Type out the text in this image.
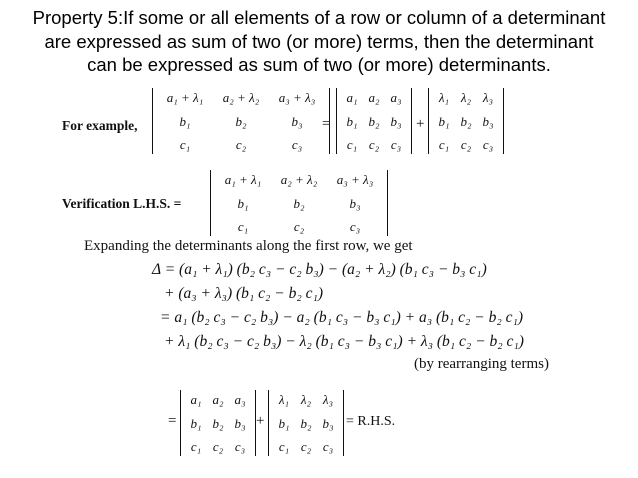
Property 5:If some or all elements of a row or column of a determinant
are expressed as sum of two (or more) terms, then the determinant
can be expressed as sum of two (or more) determinants.
For example,
a₁ + λ₁	a₂ + λ₂	a₃ + λ₃
b₁	b₂	b₃
c₁	c₂	c₃
=
a₁ a₂ a₃
b₁ b₂ b₃
c₁ c₂ c₃
+
λ₁ λ₂ λ₃
b₁ b₂ b₃
c₁ c₂ c₃
Verification L.H.S. =
a₁ + λ₁	a₂ + λ₂	a₃ + λ₃
b₁	b₂	b₃
c₁	c₂	c₃
Expanding the determinants along the first row, we get
Δ = (a₁ + λ₁) (b₂ c₃ − c₂ b₃) − (a₂ + λ₂) (b₁ c₃ − b₃ c₁)
+ (a₃ + λ₃) (b₁ c₂ − b₂ c₁)
= a₁ (b₂ c₃ − c₂ b₃) − a₂ (b₁ c₃ − b₃ c₁) + a₃ (b₁ c₂ − b₂ c₁)
+ λ₁ (b₂ c₃ − c₂ b₃) − λ₂ (b₁ c₃ − b₃ c₁) + λ₃ (b₁ c₂ − b₂ c₁)
(by rearranging terms)
=
a₁ a₂ a₃
b₁ b₂ b₃
c₁ c₂ c₃
+
λ₁ λ₂ λ₃
b₁ b₂ b₃
c₁ c₂ c₃
= R.H.S.
